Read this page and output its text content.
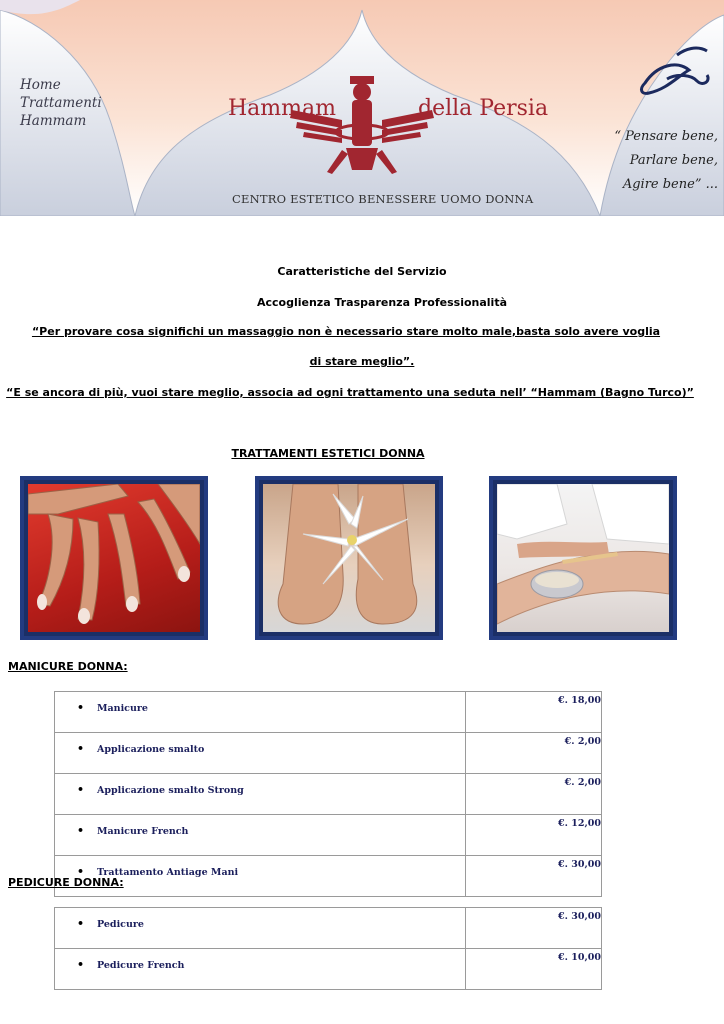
Home
Trattamenti
Hammam	Hammam	della Persia
CENTRO ESTETICO BENESSERE UOMO DONNA
“ Pensare bene,
Parlare bene,
Agire bene” ...
Caratteristiche del Servizio
Accoglienza Trasparenza Professionalità
“Per provare cosa significhi un massaggio non è necessario stare molto male,basta solo avere voglia
di stare meglio”.
“E se ancora di più, vuoi stare meglio, associa ad ogni trattamento una seduta nell’ “Hammam (Bagno Turco)”
TRATTAMENTI ESTETICI DONNA
MANICURE DONNA:
• Manicure	€. 18,00
• Applicazione smalto	€. 2,00
• Applicazione smalto Strong	€. 2,00
• Manicure French	€. 12,00
• Trattamento Antiage Mani	€. 30,00
PEDICURE DONNA:
• Pedicure	€. 30,00
• Pedicure French	€. 10,00
